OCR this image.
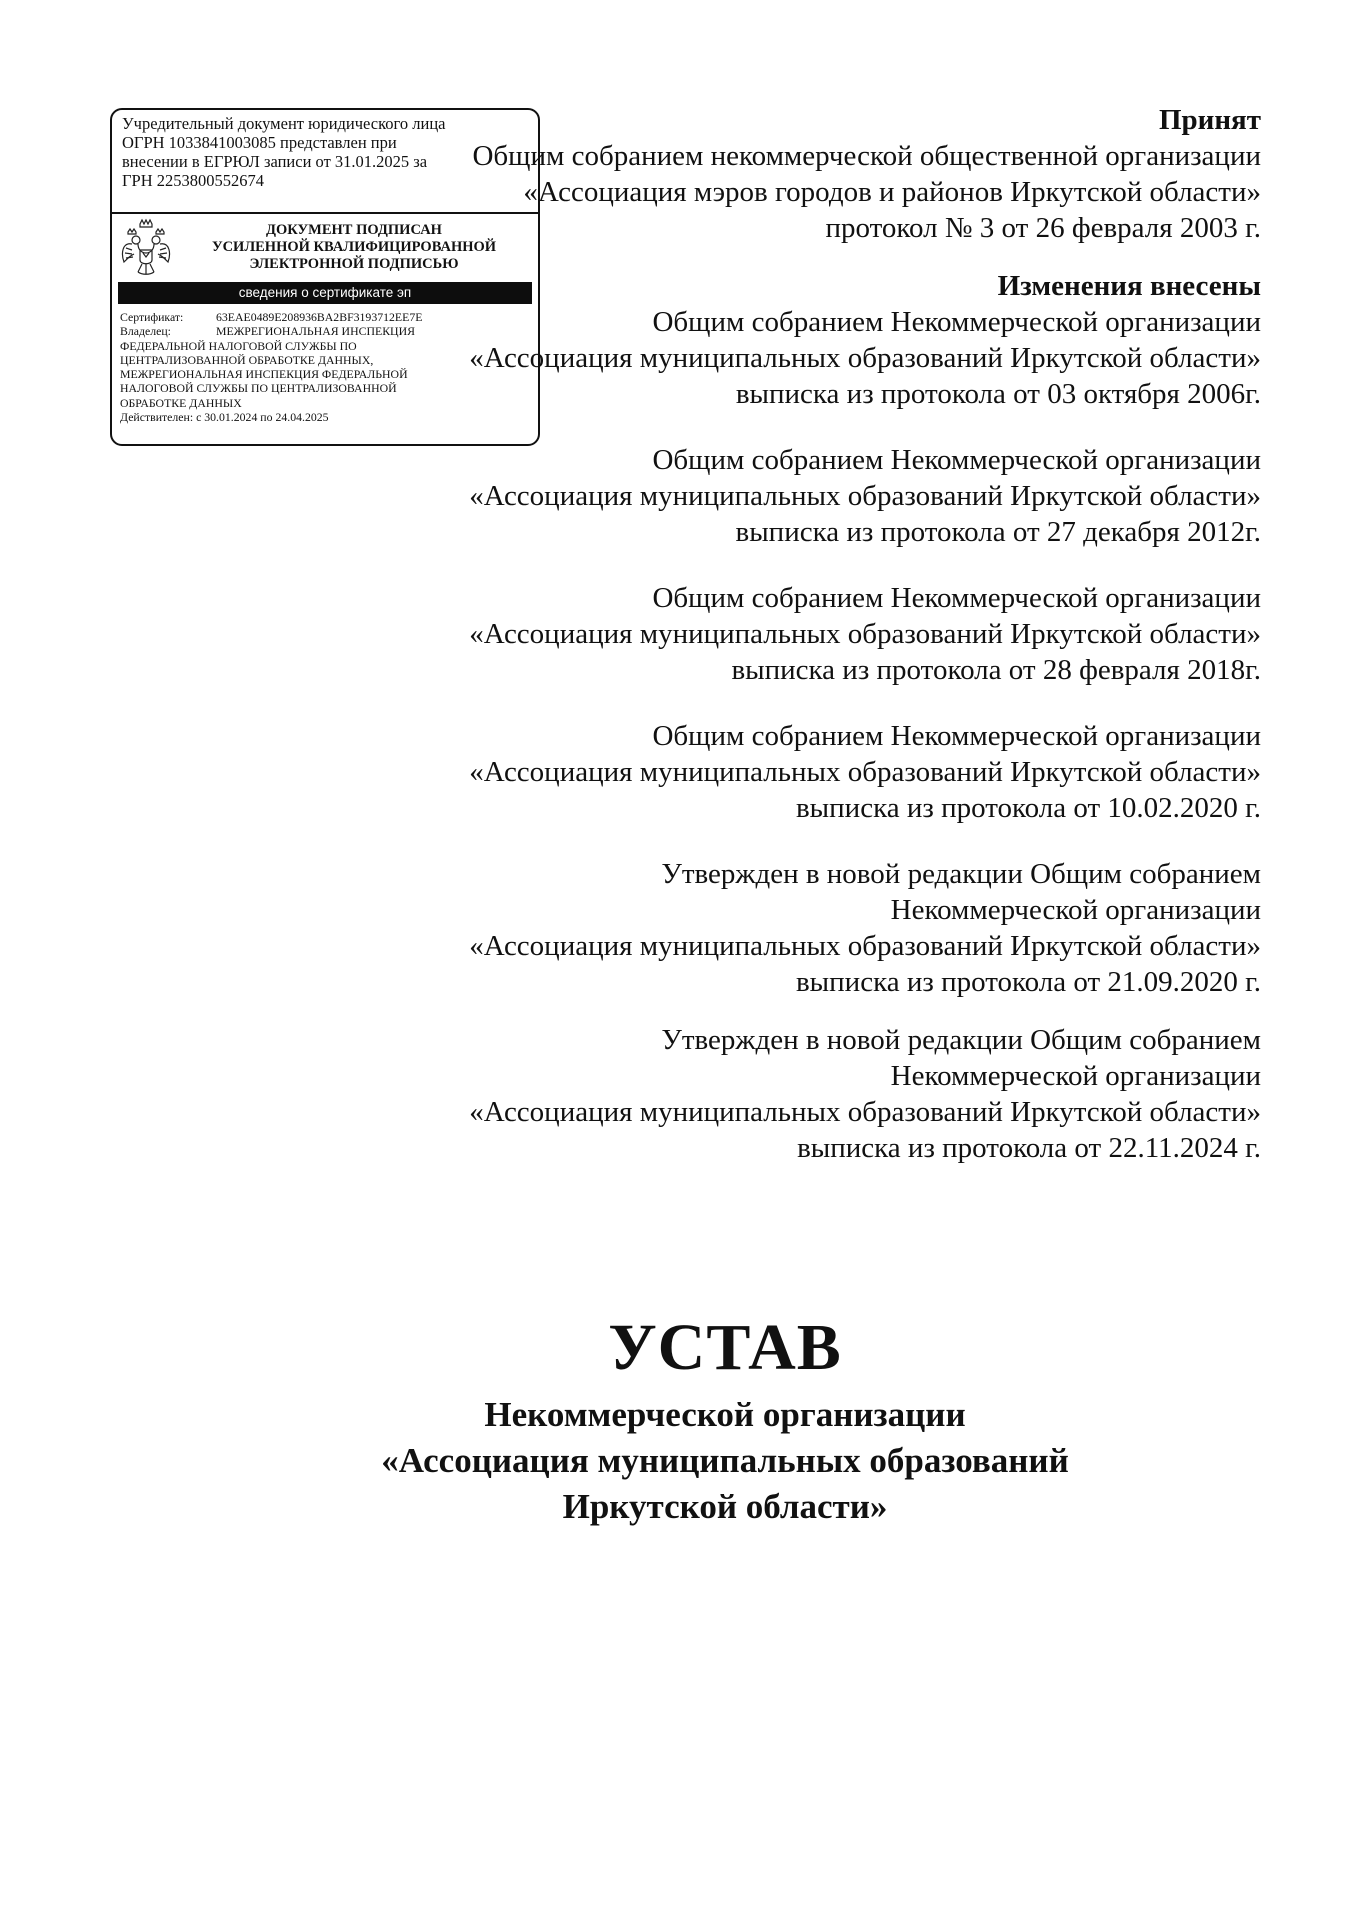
Принят
Общим собранием некоммерческой общественной организации
«Ассоциация мэров городов и районов Иркутской области»
протокол № 3 от 26 февраля 2003 г.
Изменения внесены
Общим собранием Некоммерческой организации
«Ассоциация муниципальных образований Иркутской области»
выписка из протокола от 03 октября 2006г.
Общим собранием Некоммерческой организации
«Ассоциация муниципальных образований Иркутской области»
выписка из протокола от 27 декабря 2012г.
Общим собранием Некоммерческой организации
«Ассоциация муниципальных образований Иркутской области»
выписка из протокола от 28 февраля 2018г.
Общим собранием Некоммерческой организации
«Ассоциация муниципальных образований Иркутской области»
выписка из протокола от 10.02.2020 г.
Утвержден в новой редакции Общим собранием
Некоммерческой организации
«Ассоциация муниципальных образований Иркутской области»
выписка из протокола от 21.09.2020 г.
Утвержден в новой редакции Общим собранием
Некоммерческой организации
«Ассоциация муниципальных образований Иркутской области»
выписка из протокола от 22.11.2024 г.
Учредительный документ юридического лица
ОГРН 1033841003085 представлен при
внесении в ЕГРЮЛ записи от 31.01.2025 за
ГРН 2253800552674
ДОКУМЕНТ ПОДПИСАН
УСИЛЕННОЙ КВАЛИФИЦИРОВАННОЙ
ЭЛЕКТРОННОЙ ПОДПИСЬЮ
сведения о сертификате эп
Сертификат:	63EAE0489E208936BA2BF3193712EE7E
Владелец:	МЕЖРЕГИОНАЛЬНАЯ ИНСПЕКЦИЯ
ФЕДЕРАЛЬНОЙ НАЛОГОВОЙ СЛУЖБЫ ПО
ЦЕНТРАЛИЗОВАННОЙ ОБРАБОТКЕ ДАННЫХ,
МЕЖРЕГИОНАЛЬНАЯ ИНСПЕКЦИЯ ФЕДЕРАЛЬНОЙ
НАЛОГОВОЙ СЛУЖБЫ ПО ЦЕНТРАЛИЗОВАННОЙ
ОБРАБОТКЕ ДАННЫХ
Действителен: с 30.01.2024 по 24.04.2025
УСТАВ
Некоммерческой организации
«Ассоциация муниципальных образований
Иркутской области»
